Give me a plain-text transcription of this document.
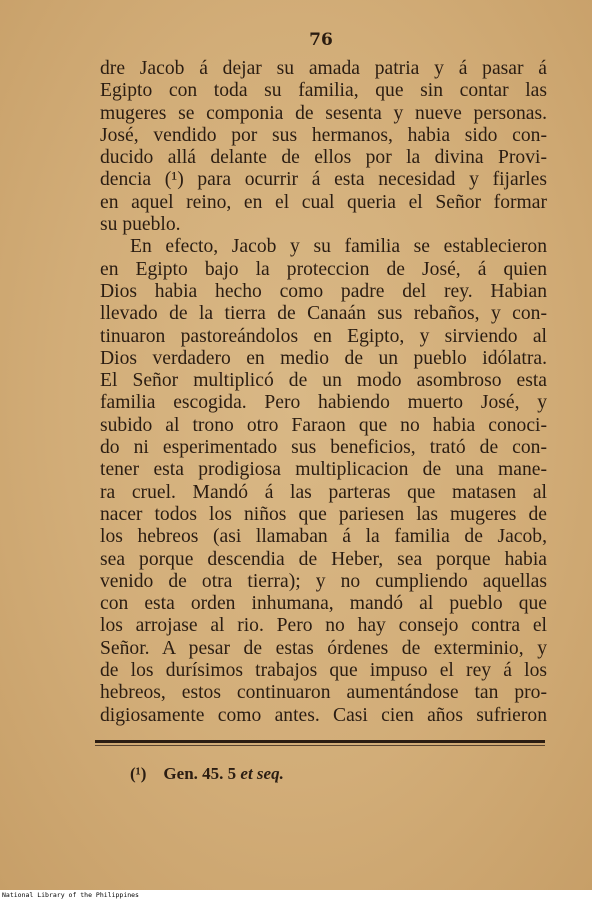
76
dre Jacob á dejar su amada patria y á pasar á
Egipto con toda su familia, que sin contar las
mugeres se componia de sesenta y nueve personas.
José, vendido por sus hermanos, habia sido con-
ducido allá delante de ellos por la divina Provi-
dencia (¹) para ocurrir á esta necesidad y fijarles
en aquel reino, en el cual queria el Señor formar
su pueblo.
En efecto, Jacob y su familia se establecieron
en Egipto bajo la proteccion de José, á quien
Dios habia hecho como padre del rey. Habian
llevado de la tierra de Canaán sus rebaños, y con-
tinuaron pastoreándolos en Egipto, y sirviendo al
Dios verdadero en medio de un pueblo idólatra.
El Señor multiplicó de un modo asombroso esta
familia escogida. Pero habiendo muerto José, y
subido al trono otro Faraon que no habia conoci-
do ni esperimentado sus beneficios, trató de con-
tener esta prodigiosa multiplicacion de una mane-
ra cruel. Mandó á las parteras que matasen al
nacer todos los niños que pariesen las mugeres de
los hebreos (asi llamaban á la familia de Jacob,
sea porque descendia de Heber, sea porque habia
venido de otra tierra); y no cumpliendo aquellas
con esta orden inhumana, mandó al pueblo que
los arrojase al rio. Pero no hay consejo contra el
Señor. A pesar de estas órdenes de exterminio, y
de los durísimos trabajos que impuso el rey á los
hebreos, estos continuaron aumentándose tan pro-
digiosamente como antes. Casi cien años sufrieron
(¹) Gen. 45. 5 et seq.
National Library of the Philippines
